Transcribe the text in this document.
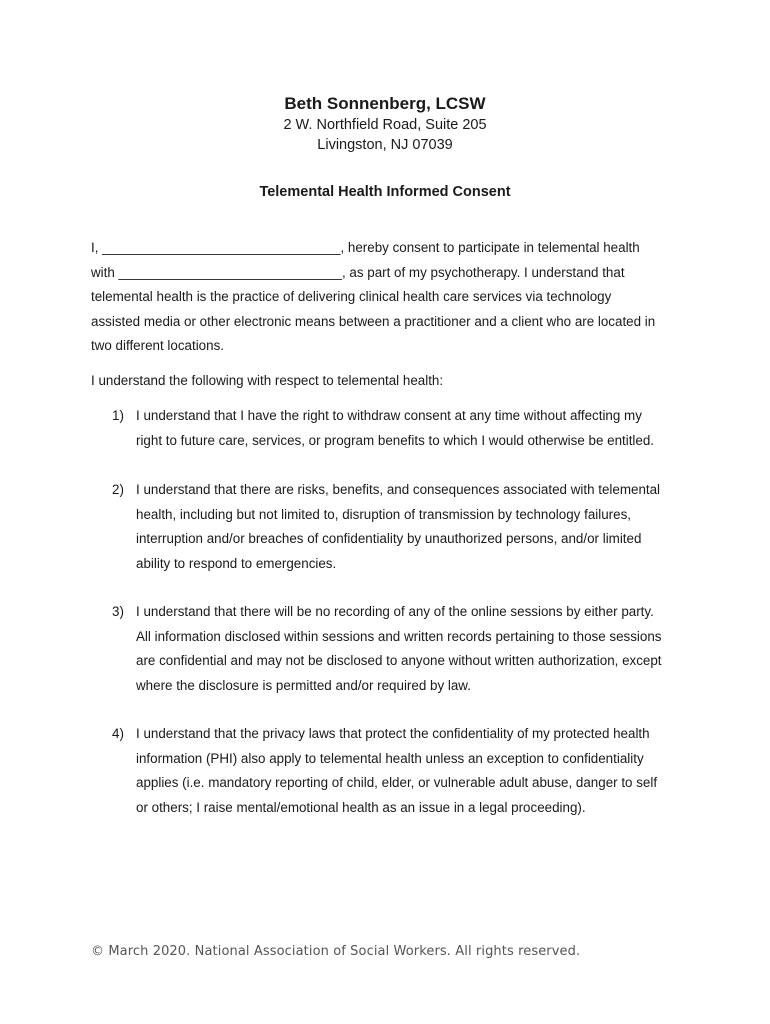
Beth Sonnenberg, LCSW
2 W. Northfield Road, Suite 205
Livingston, NJ 07039
Telemental Health Informed Consent
I, ________________________________, hereby consent to participate in telemental health
with ______________________________, as part of my psychotherapy. I understand that
telemental health is the practice of delivering clinical health care services via technology
assisted media or other electronic means between a practitioner and a client who are located in
two different locations.
I understand the following with respect to telemental health:
1) I understand that I have the right to withdraw consent at any time without affecting my
right to future care, services, or program benefits to which I would otherwise be entitled.
2) I understand that there are risks, benefits, and consequences associated with telemental
health, including but not limited to, disruption of transmission by technology failures,
interruption and/or breaches of confidentiality by unauthorized persons, and/or limited
ability to respond to emergencies.
3) I understand that there will be no recording of any of the online sessions by either party.
All information disclosed within sessions and written records pertaining to those sessions
are confidential and may not be disclosed to anyone without written authorization, except
where the disclosure is permitted and/or required by law.
4) I understand that the privacy laws that protect the confidentiality of my protected health
information (PHI) also apply to telemental health unless an exception to confidentiality
applies (i.e. mandatory reporting of child, elder, or vulnerable adult abuse, danger to self
or others; I raise mental/emotional health as an issue in a legal proceeding).
© March 2020. National Association of Social Workers. All rights reserved.
